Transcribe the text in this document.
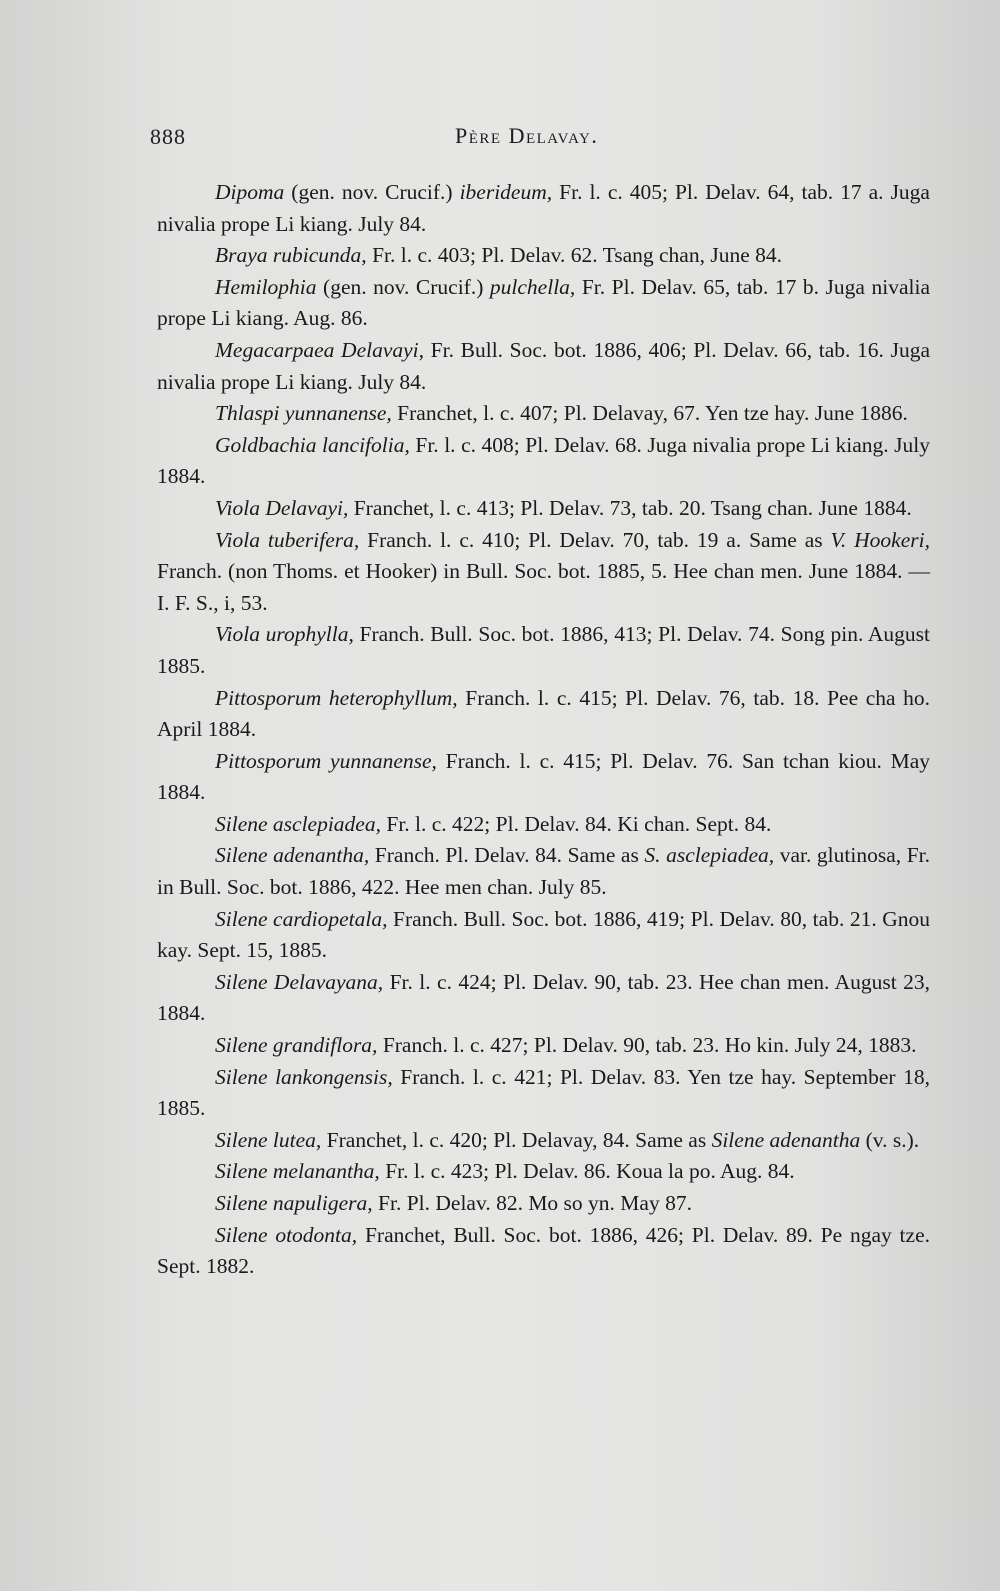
888	Père Delavay.

Dipoma (gen. nov. Crucif.) iberideum, Fr. l. c. 405; Pl. Delav. 64, tab. 17 a. Juga nivalia prope Li kiang. July 84.

Braya rubicunda, Fr. l. c. 403; Pl. Delav. 62. Tsang chan, June 84.

Hemilophia (gen. nov. Crucif.) pulchella, Fr. Pl. Delav. 65, tab. 17 b. Juga nivalia prope Li kiang. Aug. 86.

Megacarpaea Delavayi, Fr. Bull. Soc. bot. 1886, 406; Pl. Delav. 66, tab. 16. Juga nivalia prope Li kiang. July 84.

Thlaspi yunnanense, Franchet, l. c. 407; Pl. Delavay, 67. Yen tze hay. June 1886.

Goldbachia lancifolia, Fr. l. c. 408; Pl. Delav. 68. Juga nivalia prope Li kiang. July 1884.

Viola Delavayi, Franchet, l. c. 413; Pl. Delav. 73, tab. 20. Tsang chan. June 1884.

Viola tuberifera, Franch. l. c. 410; Pl. Delav. 70, tab. 19 a. Same as V. Hookeri, Franch. (non Thoms. et Hooker) in Bull. Soc. bot. 1885, 5. Hee chan men. June 1884. — I. F. S., i, 53.

Viola urophylla, Franch. Bull. Soc. bot. 1886, 413; Pl. Delav. 74. Song pin. August 1885.

Pittosporum heterophyllum, Franch. l. c. 415; Pl. Delav. 76, tab. 18. Pee cha ho. April 1884.

Pittosporum yunnanense, Franch. l. c. 415; Pl. Delav. 76. San tchan kiou. May 1884.

Silene asclepiadea, Fr. l. c. 422; Pl. Delav. 84. Ki chan. Sept. 84.

Silene adenantha, Franch. Pl. Delav. 84. Same as S. asclepiadea, var. glutinosa, Fr. in Bull. Soc. bot. 1886, 422. Hee men chan. July 85.

Silene cardiopetala, Franch. Bull. Soc. bot. 1886, 419; Pl. Delav. 80, tab. 21. Gnou kay. Sept. 15, 1885.

Silene Delavayana, Fr. l. c. 424; Pl. Delav. 90, tab. 23. Hee chan men. August 23, 1884.

Silene grandiflora, Franch. l. c. 427; Pl. Delav. 90, tab. 23. Ho kin. July 24, 1883.

Silene lankongensis, Franch. l. c. 421; Pl. Delav. 83. Yen tze hay. September 18, 1885.

Silene lutea, Franchet, l. c. 420; Pl. Delavay, 84. Same as Silene adenantha (v. s.).

Silene melanantha, Fr. l. c. 423; Pl. Delav. 86. Koua la po. Aug. 84.

Silene napuligera, Fr. Pl. Delav. 82. Mo so yn. May 87.

Silene otodonta, Franchet, Bull. Soc. bot. 1886, 426; Pl. Delav. 89. Pe ngay tze. Sept. 1882.
